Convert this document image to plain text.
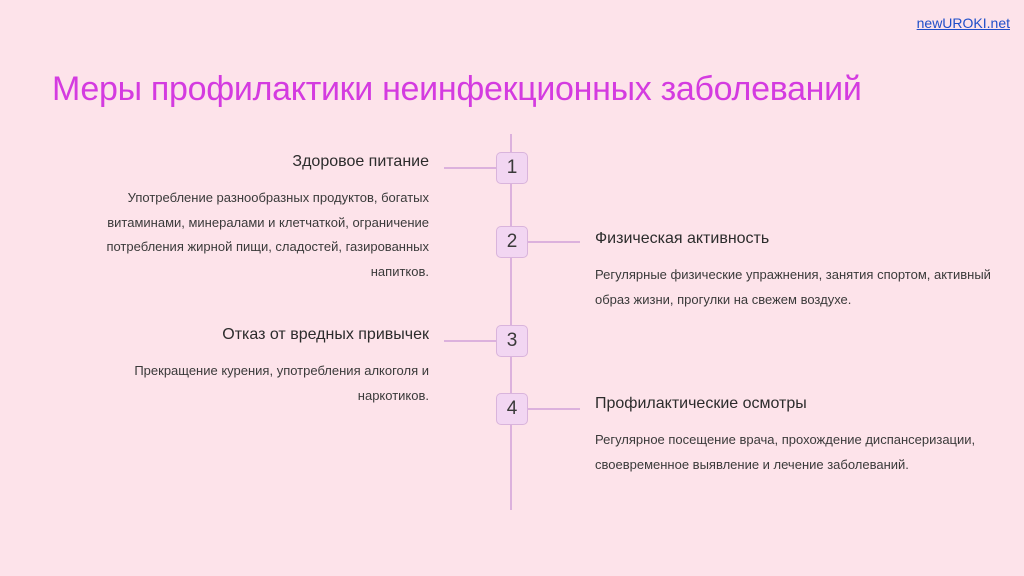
newUROKI.net
Меры профилактики неинфекционных заболеваний
1
2
3
4
Здоровое питание

Употребление разнообразных продуктов, богатых витаминами, минералами и клетчаткой, ограничение потребления жирной пищи, сладостей, газированных напитков.

Физическая активность

Регулярные физические упражнения, занятия спортом, активный образ жизни, прогулки на свежем воздухе.

Отказ от вредных привычек

Прекращение курения, употребления алкоголя и наркотиков.	Профилактические осмотры

Регулярное посещение врача, прохождение диспансеризации, своевременное выявление и лечение заболеваний.
